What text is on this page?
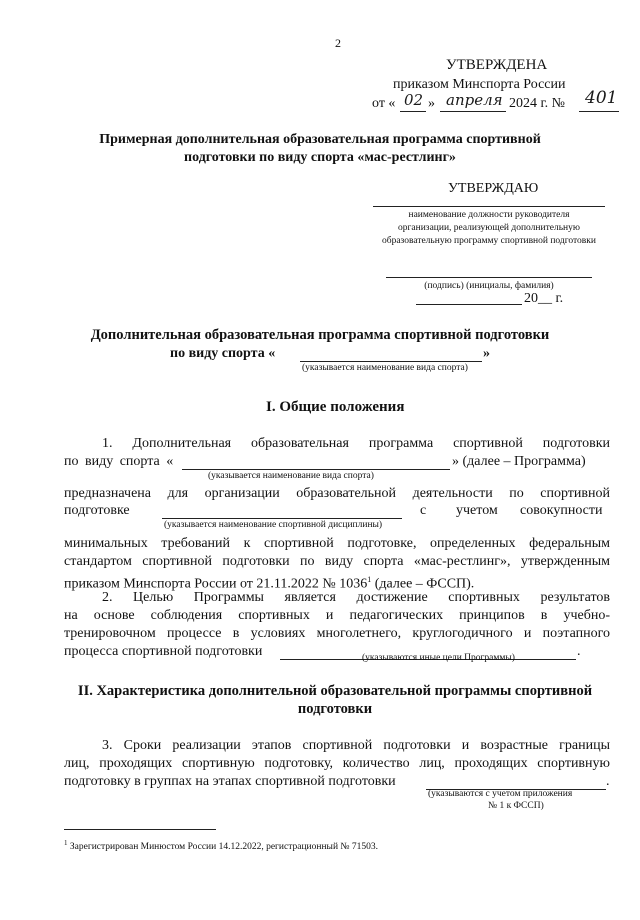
2
УТВЕРЖДЕНА
приказом Минспорта России
от « 02 » апреля 2024 г. № 401
Примерная дополнительная образовательная программа спортивной
подготовки по виду спорта «мас-рестлинг»
УТВЕРЖДАЮ
наименование должности руководителя
организации, реализующей дополнительную
образовательную программу спортивной подготовки
(подпись) (инициалы, фамилия)
20__ г.
Дополнительная образовательная программа спортивной подготовки
по виду спорта «	»
(указывается наименование вида спорта)
I. Общие положения
1. Дополнительная образовательная программа спортивной подготовки
по виду спорта «	» (далее – Программа)
(указывается наименование вида спорта)
предназначена для организации образовательной деятельности по спортивной
подготовке	с учетом совокупности
(указывается наименование спортивной дисциплины)
минимальных требований к спортивной подготовке, определенных федеральным
стандартом спортивной подготовки по виду спорта «мас-рестлинг», утвержденным
приказом Минспорта России от 21.11.2022 № 1036$^1$ (далее – ФССП).
2. Целью Программы является достижение спортивных результатов
на основе соблюдения спортивных и педагогических принципов в учебно-
тренировочном процессе в условиях многолетнего, круглогодичного и поэтапного
процесса спортивной подготовки	.
(указываются иные цели Программы)
II. Характеристика дополнительной образовательной программы спортивной
подготовки
3. Сроки реализации этапов спортивной подготовки и возрастные границы
лиц, проходящих спортивную подготовку, количество лиц, проходящих спортивную
подготовку в группах на этапах спортивной подготовки	.
(указываются с учетом приложения
№ 1 к ФССП)
$^1$ Зарегистрирован Минюстом России 14.12.2022, регистрационный № 71503.
